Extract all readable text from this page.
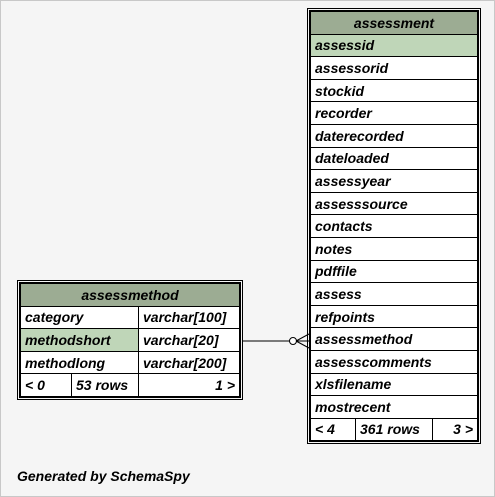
assessment
assessid
assessorid
stockid
recorder
daterecorded
dateloaded
assessyear
assesssource
contacts
notes
pdffile
assess
refpoints
assessmethod
assesscomments
xlsfilename
mostrecent
< 4	361 rows	3 >
assessmethod		
category		varchar[100]
methodshort		varchar[20]
methodlong		varchar[200]
< 0	53 rows	1 >
Generated by SchemaSpy
